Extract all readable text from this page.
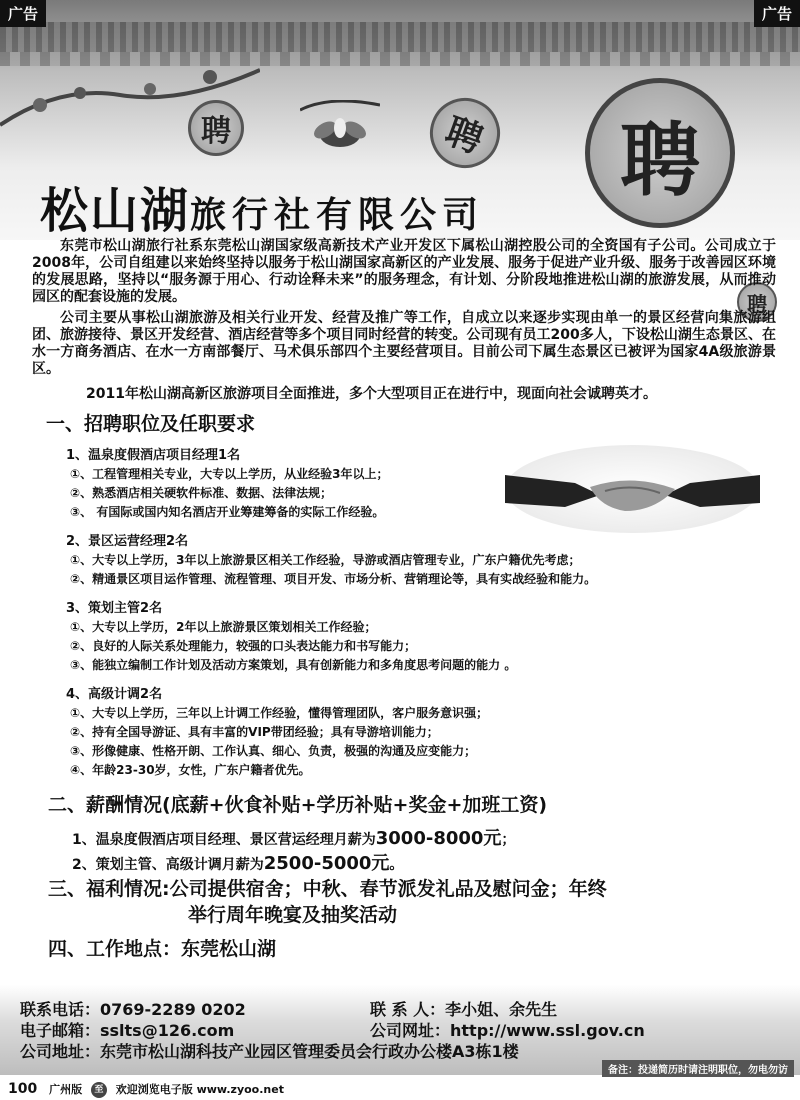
聘	聘 聘
松山湖旅行社有限公司
广告	广告
聘

东莞市松山湖旅行社系东莞松山湖国家级高新技术产业开发区下属松山湖控股公司的全资国有子公司。公司成立于2008年，公司自组建以来始终坚持以服务于松山湖国家高新区的产业发展、服务于促进产业升级、服务于改善园区环境的发展思路，坚持以“服务源于用心、行动诠释未来”的服务理念，有计划、分阶段地推进松山湖的旅游发展，从而推动园区的配套设施的发展。

公司主要从事松山湖旅游及相关行业开发、经营及推广等工作，自成立以来逐步实现由单一的景区经营向集旅游组团、旅游接待、景区开发经营、酒店经营等多个项目同时经营的转变。公司现有员工200多人，下设松山湖生态景区、在水一方商务酒店、在水一方南部餐厅、马术俱乐部四个主要经营项目。目前公司下属生态景区已被评为国家4A级旅游景区。

2011年松山湖高新区旅游项目全面推进，多个大型项目正在进行中，现面向社会诚聘英才。

一、招聘职位及任职要求
1、温泉度假酒店项目经理1名
①、工程管理相关专业，大专以上学历，从业经验3年以上；
②、熟悉酒店相关硬软件标准、数据、法律法规；
③、 有国际或国内知名酒店开业筹建筹备的实际工作经验。
2、景区运营经理2名
①、大专以上学历，3年以上旅游景区相关工作经验，导游或酒店管理专业，广东户籍优先考虑；
②、精通景区项目运作管理、流程管理、项目开发、市场分析、营销理论等，具有实战经验和能力。
3、策划主管2名
①、大专以上学历，2年以上旅游景区策划相关工作经验；
②、良好的人际关系处理能力，较强的口头表达能力和书写能力；
③、能独立编制工作计划及活动方案策划，具有创新能力和多角度思考问题的能力 。
4、高级计调2名
①、大专以上学历，三年以上计调工作经验，懂得管理团队，客户服务意识强；
②、持有全国导游证、具有丰富的VIP带团经验；具有导游培训能力；
③、形像健康、性格开朗、工作认真、细心、负责，极强的沟通及应变能力；
④、年龄23-30岁，女性，广东户籍者优先。
二、薪酬情况(底薪+伙食补贴+学历补贴+奖金+加班工资)
1、温泉度假酒店项目经理、景区营运经理月薪为3000-8000元；
2、策划主管、高级计调月薪为2500-5000元。
三、福利情况:公司提供宿舍；中秋、春节派发礼品及慰问金；年终
举行周年晚宴及抽奖活动
四、工作地点：东莞松山湖
联系电话：0769-2289 0202	联 系 人：李小姐、余先生
电子邮箱：sslts@126.com	公司网址：http://www.ssl.gov.cn
公司地址：东莞市松山湖科技产业园区管理委员会行政办公楼A3栋1楼
备注：投递简历时请注明职位，勿电勿访
100 广州版 至 欢迎浏览电子版 www.zyoo.net
